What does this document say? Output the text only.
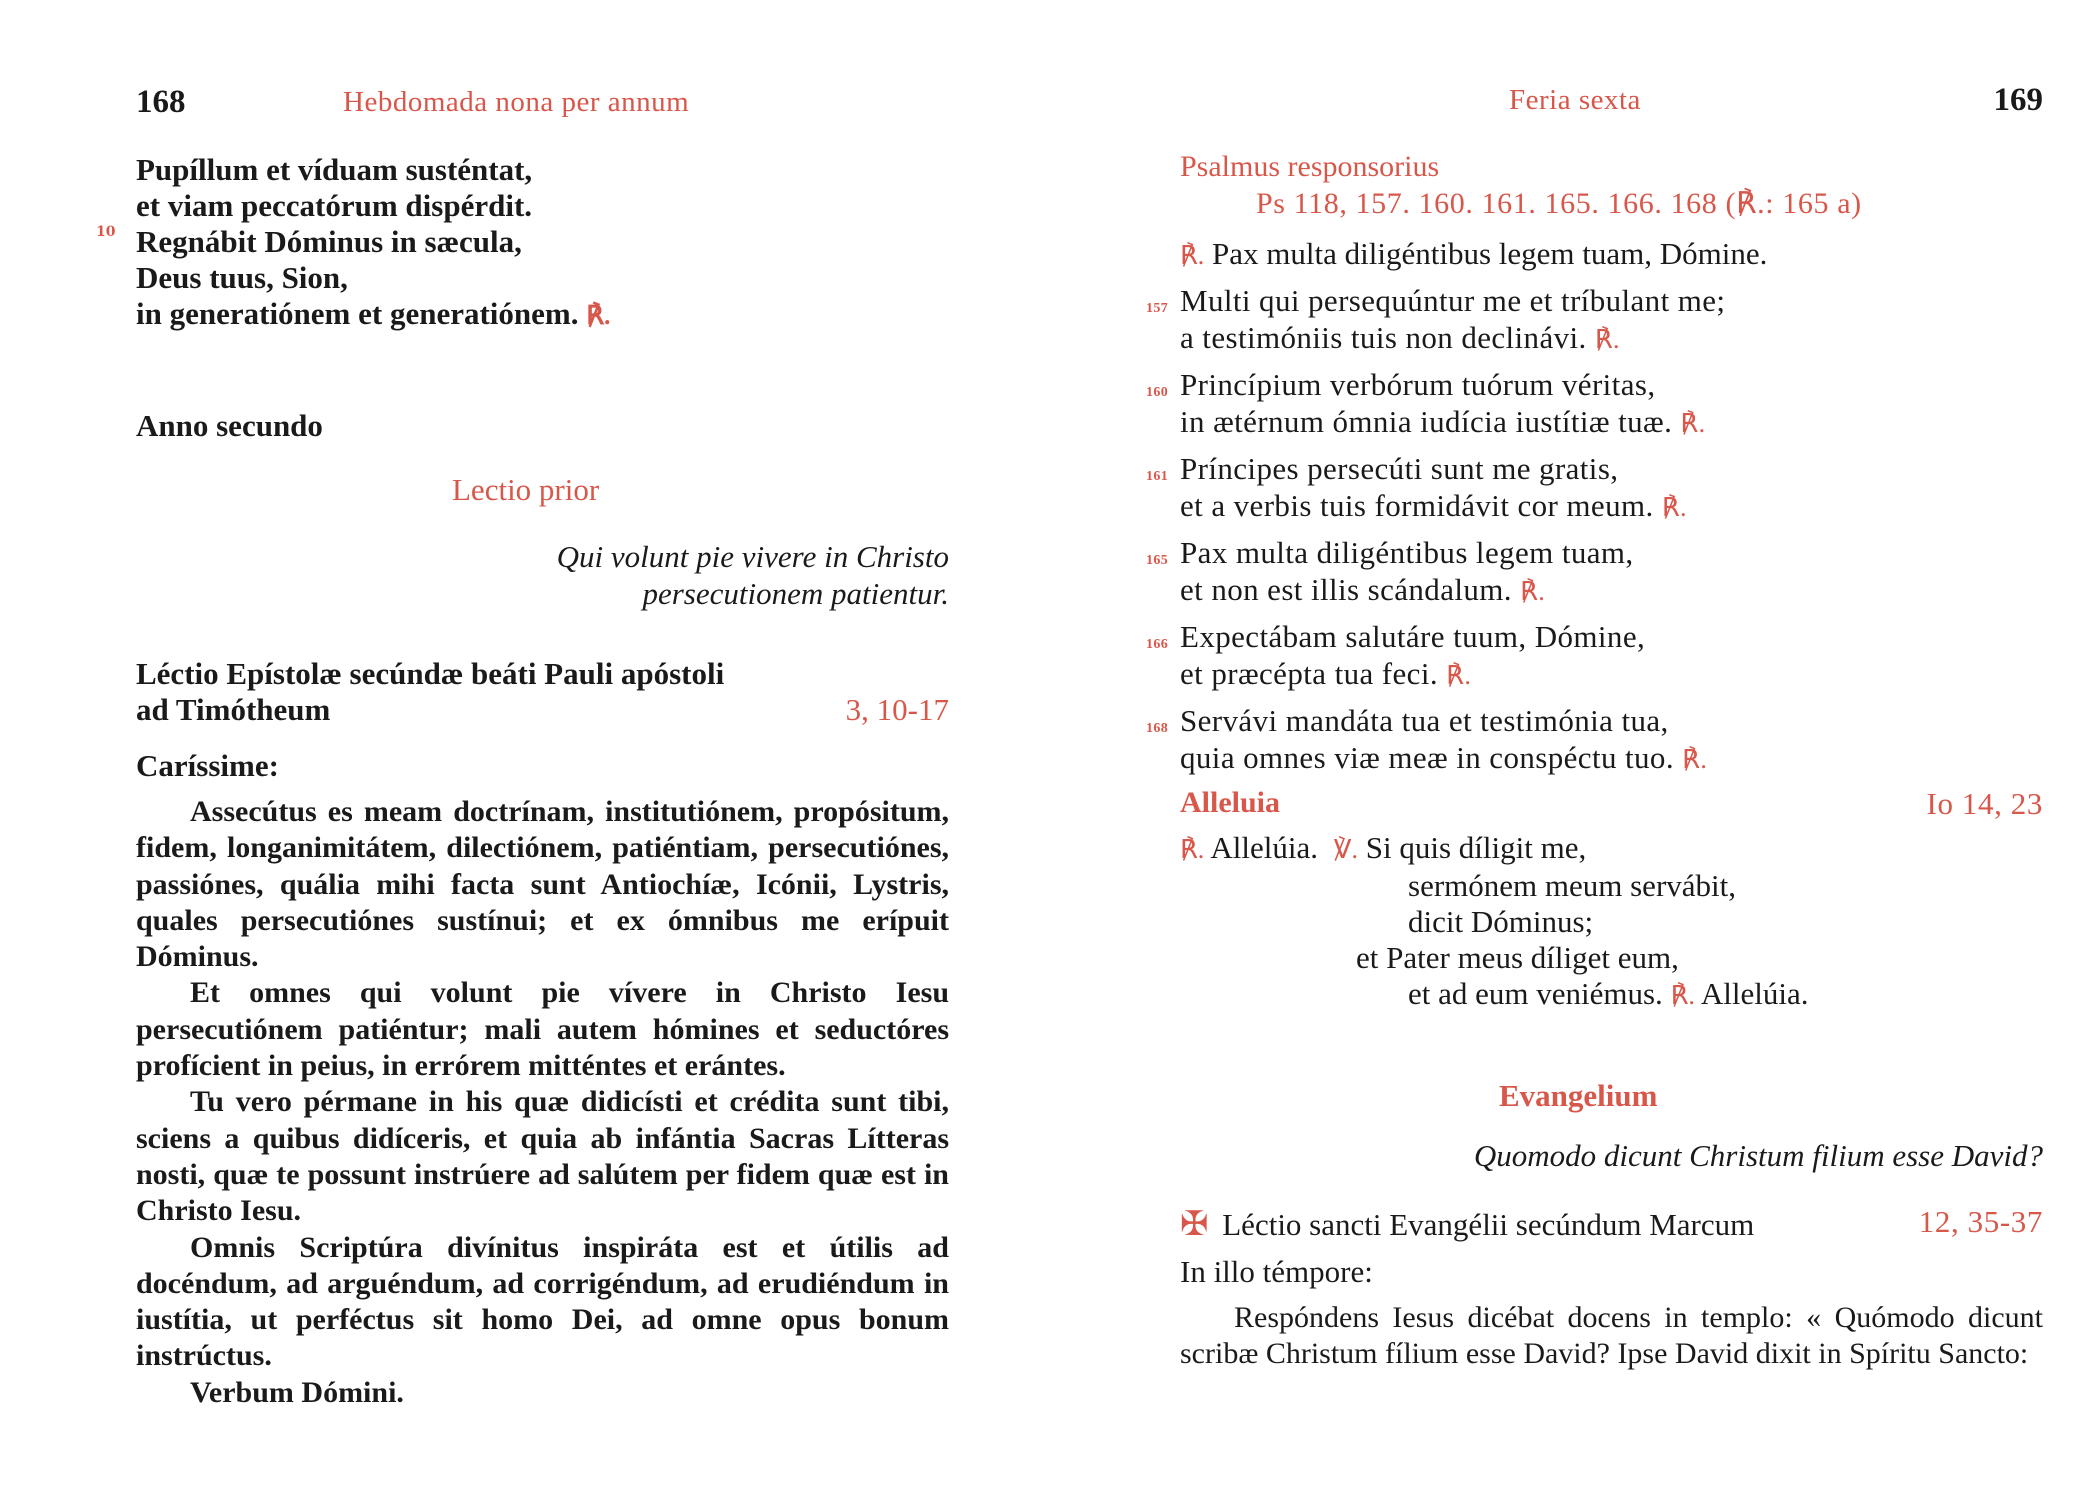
168	Hebdomada nona per annum
Pupíllum et víduam susténtat,
et viam peccatórum dispérdit.
Regnábit Dóminus in sæcula,
Deus tuus, Sion,
in generatiónem et generatiónem. ℟.
10
Anno secundo
Lectio prior
Qui volunt pie vivere in Christo
persecutionem patientur.
Léctio Epístolæ secúndæ beáti Pauli apóstoli
ad Timótheum	3, 10-17
Caríssime:

Assecútus es meam doctrínam, institutiónem, propósitum, fidem, longanimitátem, dilectiónem, patiéntiam, persecutiónes, passiónes, quália mihi facta sunt Antiochíæ, Icónii, Lystris, quales persecutiónes sustínui; et ex ómnibus me erípuit Dóminus.

Et omnes qui volunt pie vívere in Christo Iesu persecutiónem patiéntur; mali autem hómines et seductóres profícient in peius, in errórem mitténtes et erántes.

Tu vero pérmane in his quæ didicísti et crédita sunt tibi, sciens a quibus didíceris, et quia ab infántia Sacras Lítteras nosti, quæ te possunt instrúere ad salútem per fidem quæ est in Christo Iesu.

Omnis Scriptúra divínitus inspiráta est et útilis ad docéndum, ad arguéndum, ad corrigéndum, ad erudiéndum in iustítia, ut perféctus sit homo Dei, ad omne opus bonum instrúctus.

Verbum Dómini.

Feria sexta	169
Psalmus responsorius
Ps 118, 157. 160. 161. 165. 166. 168 (℟.: 165 a)
℟. Pax multa diligéntibus legem tuam, Dómine.
157 Multi qui persequúntur me et tríbulant me;
a testimóniis tuis non declinávi. ℟.
160 Princípium verbórum tuórum véritas,
in ætérnum ómnia iudícia iustítiæ tuæ. ℟.
161 Príncipes persecúti sunt me gratis,
et a verbis tuis formidávit cor meum. ℟.
165 Pax multa diligéntibus legem tuam,
et non est illis scándalum. ℟.
166 Expectábam salutáre tuum, Dómine,
et præcépta tua feci. ℟.
168 Servávi mandáta tua et testimónia tua,
quia omnes viæ meæ in conspéctu tuo. ℟.
Alleluia	Io 14, 23
℟. Allelúia. ℣. Si quis díligit me,
sermónem meum servábit,
dicit Dóminus;
et Pater meus díliget eum,
et ad eum veniémus. ℟. Allelúia.
Evangelium
Quomodo dicunt Christum filium esse David?
✠ Léctio sancti Evangélii secúndum Marcum	12, 35-37
In illo témpore:

Respóndens Iesus dicébat docens in templo: « Quómodo dicunt scribæ Christum fílium esse David? Ipse David dixit in Spíritu Sancto:
